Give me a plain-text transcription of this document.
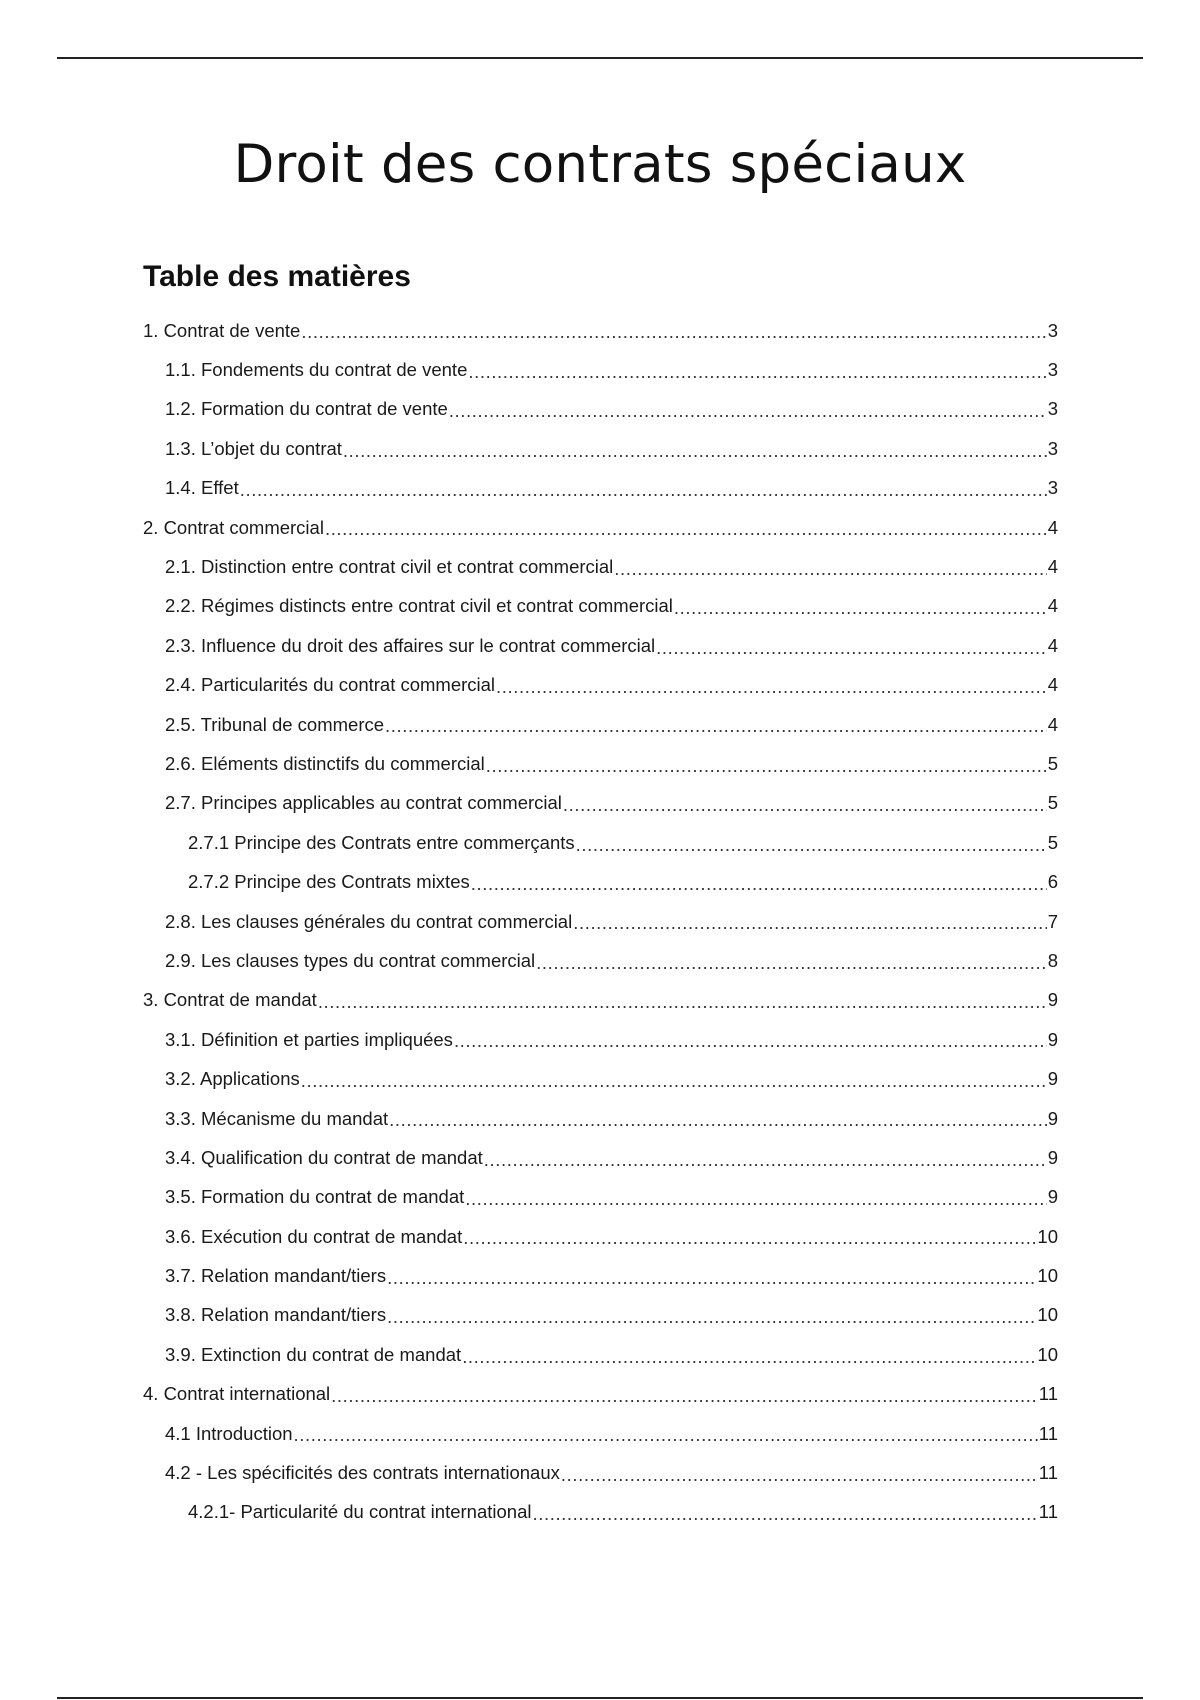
Droit des contrats spéciaux
Table des matières
1. Contrat de vente .....	3
1.1. Fondements du contrat de vente .....	3
1.2. Formation du contrat de vente .....	3
1.3. L’objet du contrat .....	3
1.4. Effet .....	3
2. Contrat commercial .....	4
2.1. Distinction entre contrat civil et contrat commercial .....	4
2.2. Régimes distincts entre contrat civil et contrat commercial .....	4
2.3. Influence du droit des affaires sur le contrat commercial .....	4
2.4. Particularités du contrat commercial .....	4
2.5. Tribunal de commerce .....	4
2.6. Eléments distinctifs du commercial .....	5
2.7. Principes applicables au contrat commercial .....	5
2.7.1 Principe des Contrats entre commerçants .....	5
2.7.2 Principe des Contrats mixtes .....	6
2.8. Les clauses générales du contrat commercial .....	7
2.9. Les clauses types du contrat commercial .....	8
3. Contrat de mandat .....	9
3.1. Définition et parties impliquées .....	9
3.2. Applications .....	9
3.3. Mécanisme du mandat .....	9
3.4. Qualification du contrat de mandat .....	9
3.5. Formation du contrat de mandat .....	9
3.6. Exécution du contrat de mandat .....	10
3.7. Relation mandant/tiers .....	10
3.8. Relation mandant/tiers .....	10
3.9. Extinction du contrat de mandat .....	10
4. Contrat international .....	11
4.1 Introduction .....	11
4.2 - Les spécificités des contrats internationaux .....	11
4.2.1- Particularité du contrat international .....	11
